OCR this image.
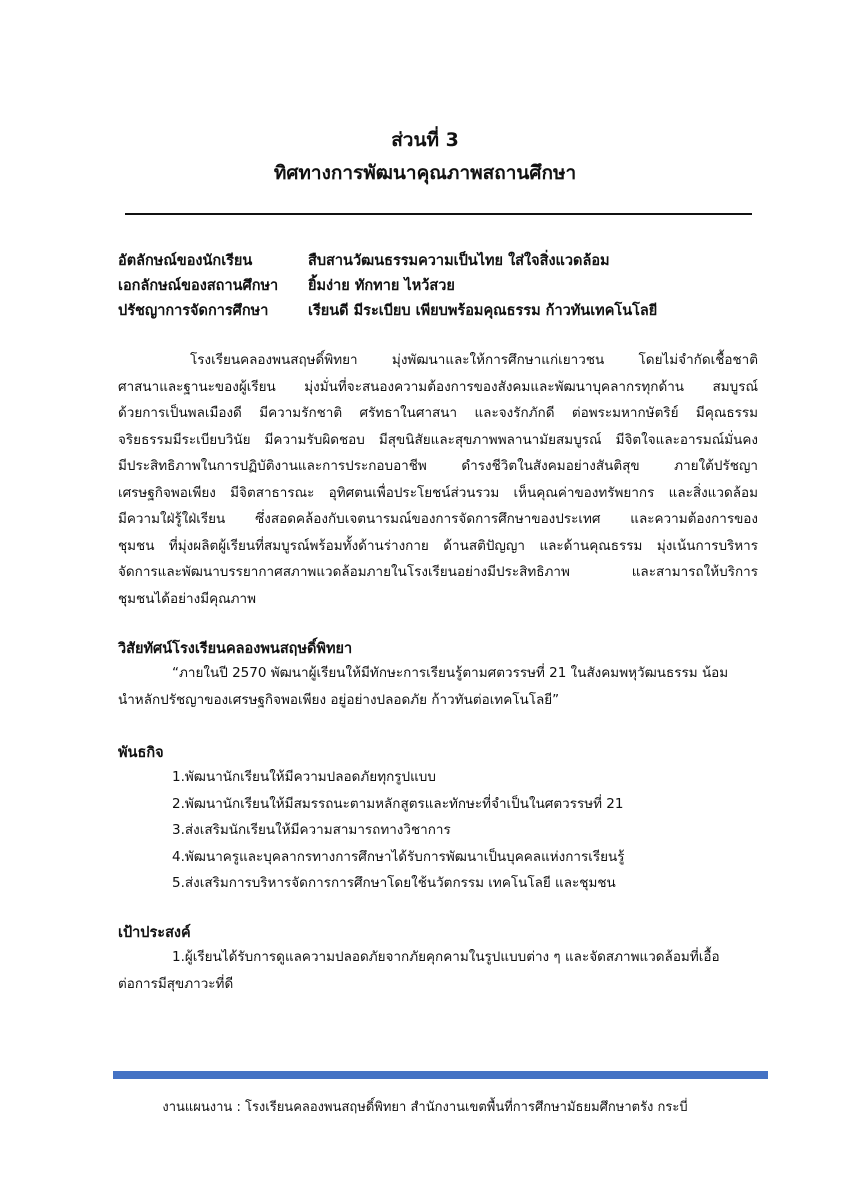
ส่วนที่ 3
ทิศทางการพัฒนาคุณภาพสถานศึกษา
อัตลักษณ์ของนักเรียน	สืบสานวัฒนธรรมความเป็นไทย ใส่ใจสิ่งแวดล้อม
เอกลักษณ์ของสถานศึกษา ยิ้มง่าย ทักทาย ไหว้สวย
ปรัชญาการจัดการศึกษา	เรียนดี มีระเบียบ เพียบพร้อมคุณธรรม ก้าวทันเทคโนโลยี
โรงเรียนคลองพนสฤษดิ์พิทยา มุ่งพัฒนาและให้การศึกษาแก่เยาวชน โดยไม่จำกัดเชื้อชาติ
ศาสนาและฐานะของผู้เรียน มุ่งมั่นที่จะสนองความต้องการของสังคมและพัฒนาบุคลากรทุกด้าน สมบูรณ์
ด้วยการเป็นพลเมืองดี มีความรักชาติ ศรัทธาในศาสนา และจงรักภักดี ต่อพระมหากษัตริย์ มีคุณธรรม
จริยธรรมมีระเบียบวินัย มีความรับผิดชอบ มีสุขนิสัยและสุขภาพพลานามัยสมบูรณ์ มีจิตใจและอารมณ์มั่นคง
มีประสิทธิภาพในการปฏิบัติงานและการประกอบอาชีพ ดำรงชีวิตในสังคมอย่างสันติสุข ภายใต้ปรัชญา
เศรษฐกิจพอเพียง มีจิตสาธารณะ อุทิศตนเพื่อประโยชน์ส่วนรวม เห็นคุณค่าของทรัพยากร และสิ่งแวดล้อม
มีความใฝ่รู้ใฝ่เรียน ซึ่งสอดคล้องกับเจตนารมณ์ของการจัดการศึกษาของประเทศ และความต้องการของ
ชุมชน ที่มุ่งผลิตผู้เรียนที่สมบูรณ์พร้อมทั้งด้านร่างกาย ด้านสติปัญญา และด้านคุณธรรม มุ่งเน้นการบริหาร
จัดการและพัฒนาบรรยากาศสภาพแวดล้อมภายในโรงเรียนอย่างมีประสิทธิภาพ และสามารถให้บริการ
ชุมชนได้อย่างมีคุณภาพ
วิสัยทัศน์โรงเรียนคลองพนสฤษดิ์พิทยา
“ภายในปี 2570 พัฒนาผู้เรียนให้มีทักษะการเรียนรู้ตามศตวรรษที่ 21 ในสังคมพหุวัฒนธรรม น้อม
นำหลักปรัชญาของเศรษฐกิจพอเพียง อยู่อย่างปลอดภัย ก้าวทันต่อเทคโนโลยี”
พันธกิจ
1.พัฒนานักเรียนให้มีความปลอดภัยทุกรูปแบบ
2.พัฒนานักเรียนให้มีสมรรถนะตามหลักสูตรและทักษะที่จำเป็นในศตวรรษที่ 21
3.ส่งเสริมนักเรียนให้มีความสามารถทางวิชาการ
4.พัฒนาครูและบุคลากรทางการศึกษาได้รับการพัฒนาเป็นบุคคลแห่งการเรียนรู้
5.ส่งเสริมการบริหารจัดการการศึกษาโดยใช้นวัตกรรม เทคโนโลยี และชุมชน
เป้าประสงค์
1.ผู้เรียนได้รับการดูแลความปลอดภัยจากภัยคุกคามในรูปแบบต่าง ๆ และจัดสภาพแวดล้อมที่เอื้อ
ต่อการมีสุขภาวะที่ดี
งานแผนงาน : โรงเรียนคลองพนสฤษดิ์พิทยา สำนักงานเขตพื้นที่การศึกษามัธยมศึกษาตรัง กระบี่
